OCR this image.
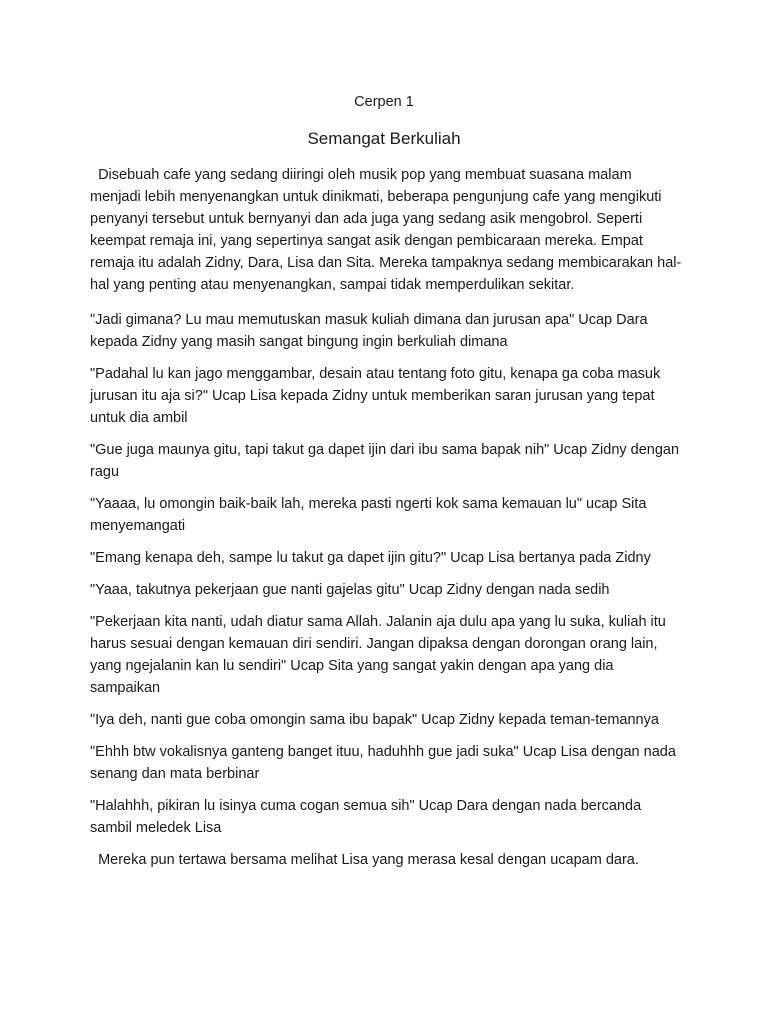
Cerpen 1
Semangat Berkuliah

Disebuah cafe yang sedang diiringi oleh musik pop yang membuat suasana malam menjadi lebih menyenangkan untuk dinikmati, beberapa pengunjung cafe yang mengikuti penyanyi tersebut untuk bernyanyi dan ada juga yang sedang asik mengobrol. Seperti keempat remaja ini, yang sepertinya sangat asik dengan pembicaraan mereka. Empat remaja itu adalah Zidny, Dara, Lisa dan Sita. Mereka tampaknya sedang membicarakan hal-hal yang penting atau menyenangkan, sampai tidak memperdulikan sekitar.

"Jadi gimana? Lu mau memutuskan masuk kuliah dimana dan jurusan apa" Ucap Dara kepada Zidny yang masih sangat bingung ingin berkuliah dimana

"Padahal lu kan jago menggambar, desain atau tentang foto gitu, kenapa ga coba masuk jurusan itu aja si?" Ucap Lisa kepada Zidny untuk memberikan saran jurusan yang tepat untuk dia ambil

"Gue juga maunya gitu, tapi takut ga dapet ijin dari ibu sama bapak nih" Ucap Zidny dengan ragu

"Yaaaa, lu omongin baik-baik lah, mereka pasti ngerti kok sama kemauan lu" ucap Sita menyemangati

"Emang kenapa deh, sampe lu takut ga dapet ijin gitu?" Ucap Lisa bertanya pada Zidny

"Yaaa, takutnya pekerjaan gue nanti gajelas gitu" Ucap Zidny dengan nada sedih

"Pekerjaan kita nanti, udah diatur sama Allah. Jalanin aja dulu apa yang lu suka, kuliah itu harus sesuai dengan kemauan diri sendiri. Jangan dipaksa dengan dorongan orang lain, yang ngejalanin kan lu sendiri" Ucap Sita yang sangat yakin dengan apa yang dia sampaikan

"Iya deh, nanti gue coba omongin sama ibu bapak" Ucap Zidny kepada teman-temannya

"Ehhh btw vokalisnya ganteng banget ituu, haduhhh gue jadi suka" Ucap Lisa dengan nada senang dan mata berbinar

"Halahhh, pikiran lu isinya cuma cogan semua sih" Ucap Dara dengan nada bercanda sambil meledek Lisa

Mereka pun tertawa bersama melihat Lisa yang merasa kesal dengan ucapam dara.
